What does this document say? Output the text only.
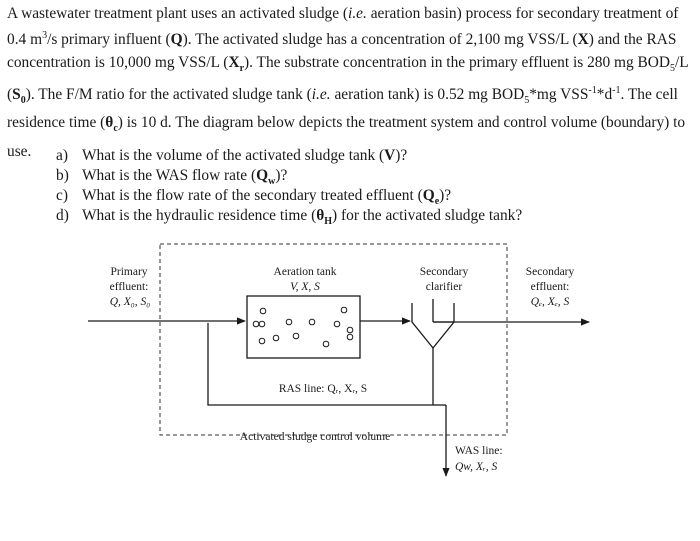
A wastewater treatment plant uses an activated sludge (i.e. aeration basin) process for secondary treatment of 0.4 $m^3/s$ primary influent (Q). The activated sludge has a concentration of 2,100 mg VSS/L (X) and the RAS concentration is 10,000 mg VSS/L $(X_r)$. The substrate concentration in the primary effluent is 280 mg $BOD_5/L$ $(S_0)$. The F/M ratio for the activated sludge tank (i.e. aeration tank) is 0.52 mg $BOD_5*mg$ $VSS^{-1}*d^{-1}$. The cell residence time $(\theta_c)$ is 10 d. The diagram below depicts the treatment system and control volume (boundary) to use.	a) What is the volume of the activated sludge tank (V)?
b) What is the WAS flow rate $(Q_w)$?
c) What is the flow rate of the secondary treated effluent $(Q_e)$?
d) What is the hydraulic residence time $(\theta_H)$ for the activated sludge tank?
Primary
effluent:
Q, X₀, S₀
Aeration tank
V, X, S
Secondary
clarifier
Secondary
effluent:
Qₑ, Xₑ, S
RAS line: Qᵣ, Xᵣ, S
Activated sludge control volume
WAS line:
Qw, Xᵣ, S
